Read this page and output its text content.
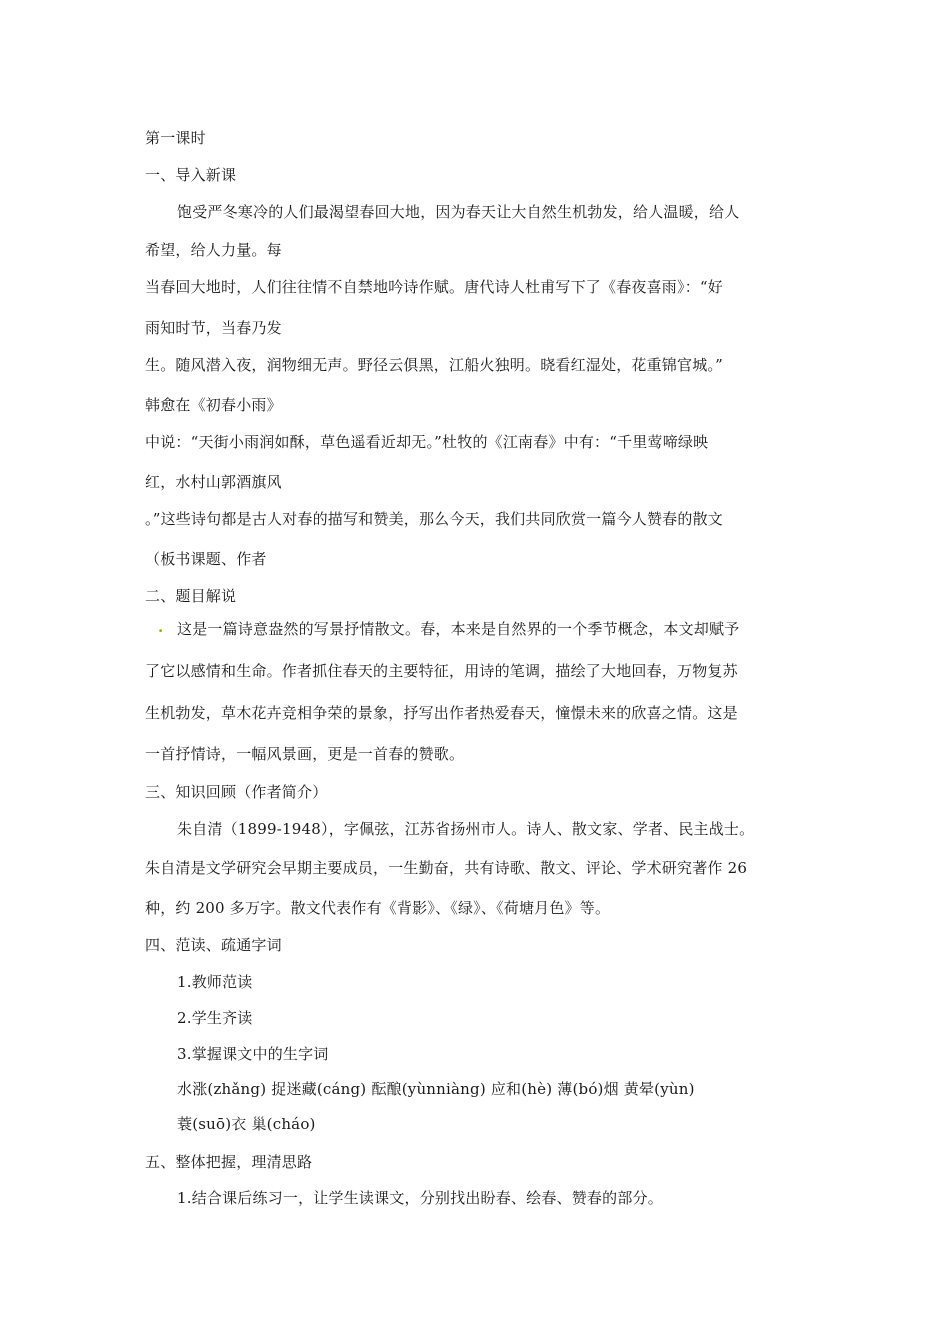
第一课时
一、导入新课
饱受严冬寒冷的人们最渴望春回大地，因为春天让大自然生机勃发，给人温暖，给人
希望，给人力量。每
当春回大地时，人们往往情不自禁地吟诗作赋。唐代诗人杜甫写下了《春夜喜雨》：“好
雨知时节，当春乃发
生。随风潜入夜，润物细无声。野径云俱黑，江船火独明。晓看红湿处，花重锦官城。”
韩愈在《初春小雨》
中说：“天街小雨润如酥，草色遥看近却无。”杜牧的《江南春》中有：“千里莺啼绿映
红，水村山郭酒旗风
。”这些诗句都是古人对春的描写和赞美，那么今天，我们共同欣赏一篇今人赞春的散文
（板书课题、作者
二、题目解说
. 这是一篇诗意盎然的写景抒情散文。春，本来是自然界的一个季节概念，本文却赋予
了它以感情和生命。作者抓住春天的主要特征，用诗的笔调，描绘了大地回春，万物复苏
生机勃发，草木花卉竞相争荣的景象，抒写出作者热爱春天，憧憬未来的欣喜之情。这是
一首抒情诗，一幅风景画，更是一首春的赞歌。
三、知识回顾（作者简介）
朱自清（1899-1948），字佩弦，江苏省扬州市人。诗人、散文家、学者、民主战士。
朱自清是文学研究会早期主要成员，一生勤奋，共有诗歌、散文、评论、学术研究著作 26
种，约 200 多万字。散文代表作有《背影》、《绿》、《荷塘月色》等。
四、范读、疏通字词
1.教师范读
2.学生齐读
3.掌握课文中的生字词
水涨(zhǎng) 捉迷藏(cáng) 酝酿(yùnniàng) 应和(hè) 薄(bó)烟 黄晕(yùn)
蓑(suō)衣 巢(cháo)
五、整体把握，理清思路
1.结合课后练习一，让学生读课文，分别找出盼春、绘春、赞春的部分。
